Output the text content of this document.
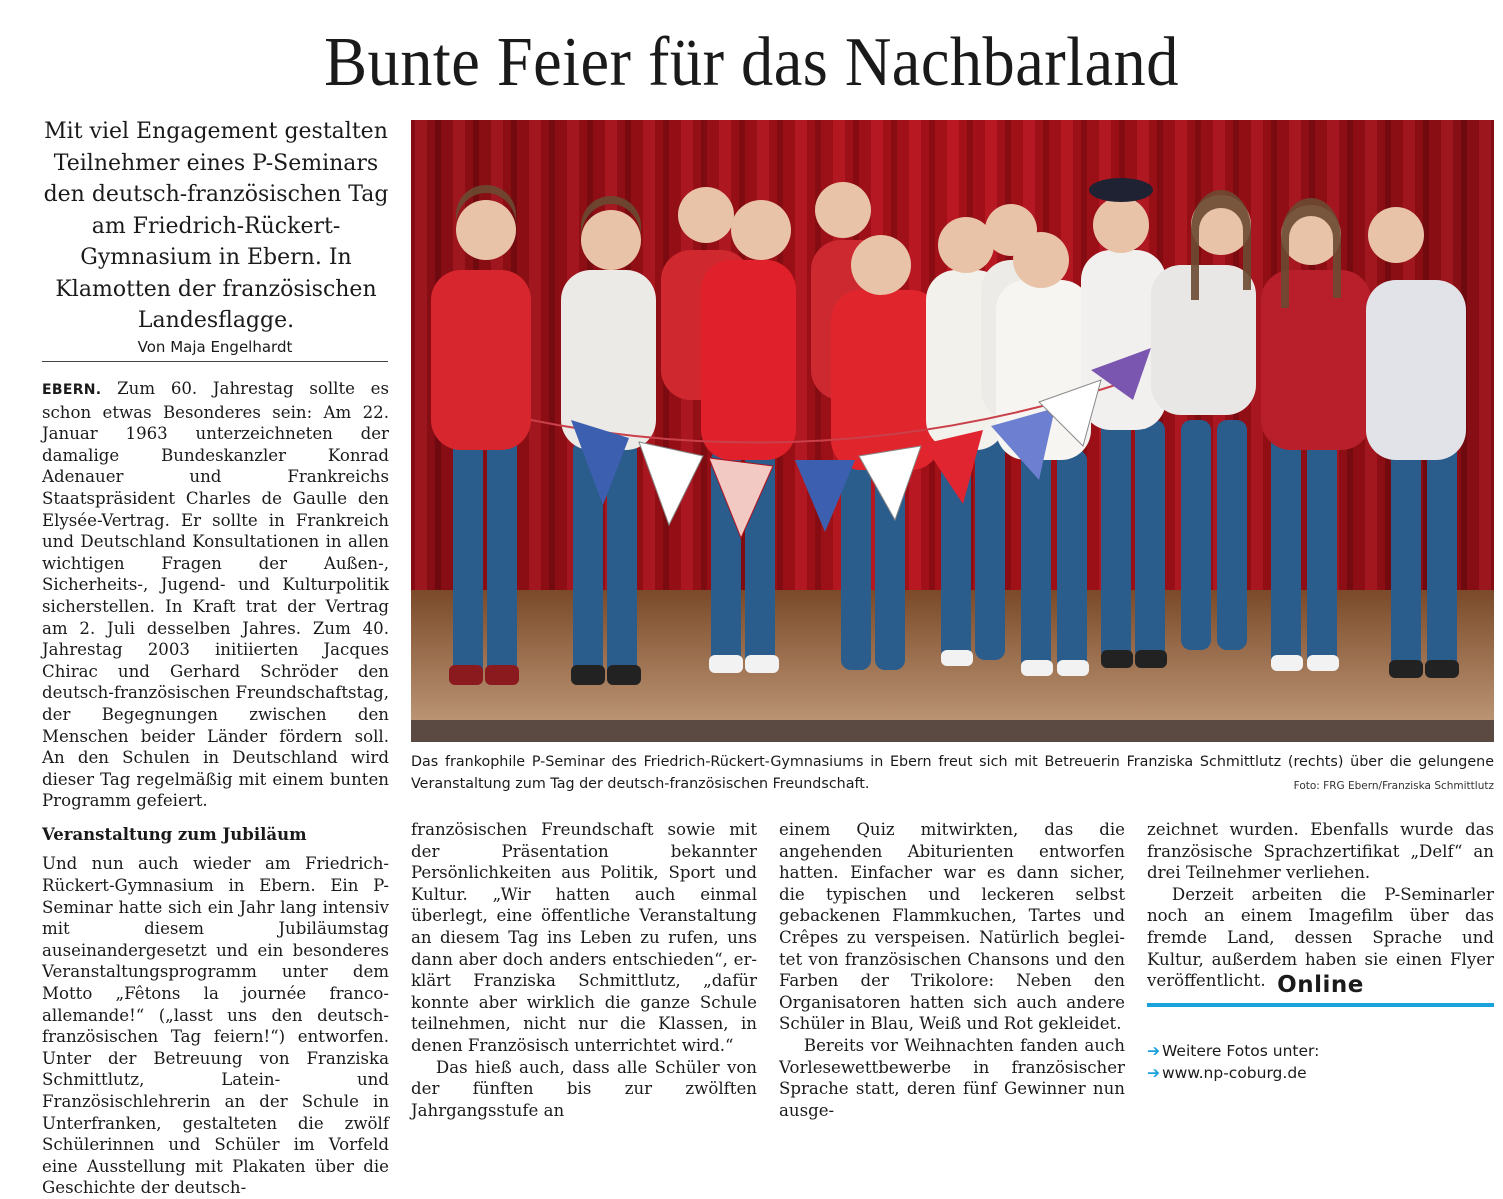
Bunte Feier für das Nachbarland

Mit viel Engagement gestalten Teilnehmer eines P-Seminars den deutsch-französischen Tag am Friedrich-Rückert-Gymnasium in Ebern. In Klamotten der französischen Landesflagge.

Von Maja Engelhardt

EBERN. Zum 60. Jahrestag sollte es schon etwas Besonderes sein: Am 22. Januar 1963 unterzeichneten der damalige Bundeskanzler Konrad Adenauer und Frankreichs Staatspräsident Charles de Gaulle den Elysée-Vertrag. Er sollte in Frankreich und Deutschland Konsultationen in allen wichtigen Fragen der Außen-, Sicherheits-, Jugend- und Kulturpolitik sicherstellen. In Kraft trat der Vertrag am 2. Juli desselben Jahres. Zum 40. Jahrestag 2003 initiierten Jacques Chirac und Gerhard Schröder den deutsch-französischen Freundschaftstag, der Begegnungen zwischen den Menschen beider Länder fördern soll. An den Schulen in Deutschland wird dieser Tag regelmäßig mit einem bunten Programm gefeiert.

Veranstaltung zum Jubiläum

Und nun auch wieder am Friedrich-Rückert-Gymnasium in Ebern. Ein P-Seminar hatte sich ein Jahr lang intensiv mit diesem Jubiläumstag auseinandergesetzt und ein besonderes Veranstaltungsprogramm unter dem Motto „Fêtons la journée franco-allemande!“ („lasst uns den deutsch-französischen Tag feiern!“) entworfen. Unter der Betreuung von Franziska Schmittlutz, Latein- und Französischlehrerin an der Schule in Unterfranken, gestalteten die zwölf Schülerinnen und Schüler im Vorfeld eine Ausstellung mit Plakaten über die Geschichte der deutsch-

Das frankophile P-Seminar des Friedrich-Rückert-Gymnasiums in Ebern freut sich mit Betreuerin Franziska Schmittlutz (rechts) über die gelungene Veranstaltung zum Tag der deutsch-französischen Freundschaft.	Foto: FRG Ebern/Franziska Schmittlutz

französischen Freundschaft sowie mit der Präsentation bekannter Persönlichkeiten aus Politik, Sport und Kultur. „Wir hatten auch einmal überlegt, eine öffentliche Veranstaltung an diesem Tag ins Leben zu rufen, uns dann aber doch anders entschieden“, erklärt Franziska Schmittlutz, „dafür konnte aber wirklich die ganze Schule teilnehmen, nicht nur die Klassen, in denen Französisch unterrichtet wird.“

Das hieß auch, dass alle Schüler von der fünften bis zur zwölften Jahrgangsstufe an

einem Quiz mitwirkten, das die angehenden Abiturienten entworfen hatten. Einfacher war es dann sicher, die typischen und leckeren selbst gebackenen Flammkuchen, Tartes und Crêpes zu verspeisen. Natürlich begleitet von französischen Chansons und den Farben der Trikolore: Neben den Organisatoren hatten sich auch andere Schüler in Blau, Weiß und Rot gekleidet.

Bereits vor Weihnachten fanden auch Vorlesewettbewerbe in französischer Sprache statt, deren fünf Gewinner nun ausge-

zeichnet wurden. Ebenfalls wurde das französische Sprachzertifikat „Delf“ an drei Teilnehmer verliehen.

Derzeit arbeiten die P-Seminarler noch an einem Imagefilm über das fremde Land, dessen Sprache und Kultur, außerdem haben sie einen Flyer veröffentlicht. Online
➔ Weitere Fotos unter:
➔ www.np-coburg.de
